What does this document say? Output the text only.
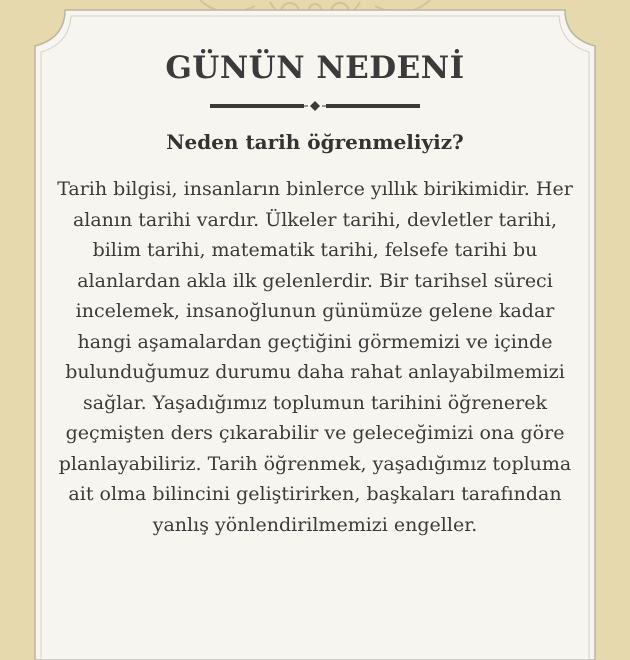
GÜNÜN NEDENİ
Neden tarih öğrenmeliyiz?

Tarih bilgisi, insanların binlerce yıllık birikimidir. Her alanın tarihi vardır. Ülkeler tarihi, devletler tarihi, bilim tarihi, matematik tarihi, felsefe tarihi bu alanlardan akla ilk gelenlerdir. Bir tarihsel süreci incelemek, insanoğlunun günümüze gelene kadar hangi aşamalardan geçtiğini görmemizi ve içinde bulunduğumuz durumu daha rahat anlayabilmemizi sağlar. Yaşadığımız toplumun tarihini öğrenerek geçmişten ders çıkarabilir ve geleceğimizi ona göre planlayabiliriz. Tarih öğrenmek, yaşadığımız topluma ait olma bilincini geliştirirken, başkaları tarafından yanlış yönlendirilmemizi engeller.
